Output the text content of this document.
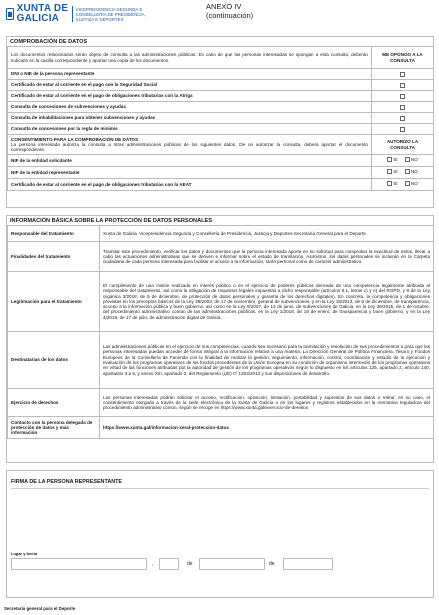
XUNTA DE GALICIA
VICEPRESIDENCIA SEGUNDA E CONSELLERÍA DE PRESIDENCIA, XUSTIZA E DEPORTES
ANEXO IV
(continuación)
COMPROBACIÓN DE DATOS
Los documentos relacionados serán objeto de consulta a las administraciones públicas. En caso de que las personas interesadas se opongan a esta consulta, deberán indicarlo en la casilla correspondiente y aportar una copia de los documentos.	ME OPONGO A LA CONSULTA
DNI o NIE de la persona representante	
Certificado de estar al corriente en el pago con la Seguridad Social	
Certificado de estar al corriente en el pago de obligaciones tributarias con la Atriga	
Consulta de concesiones de subvenciones y ayudas	
Consulta de inhabilitaciones para obtener subvenciones y ayudas	
Consulta de concesiones por la regla de minimis	

CONSENTIMIENTO PARA LA COMPROBACIÓN DE DATOS
La persona interesada autoriza la consulta a otras administraciones públicas de los siguientes datos. De no autorizar la consulta, deberá aportar el documento correspondiente.	AUTORIZO LA CONSULTA
NIF de la entidad solicitante	SÍ
NO

NIF de la entidad representante	SÍ
NO

Certificado de estar al corriente en el pago de obligaciones tributarias con la AEAT	SÍ
NO
INFORMACIÓN BÁSICA SOBRE LA PROTECCIÓN DE DATOS PERSONALES
Responsable del tratamiento	Xunta de Galicia. Vicepresidencia Segunda y Consellería de Presidencia, Justicia y Deportes-Secretaría General para el Deporte.
Finalidades del tratamiento	Tramitar este procedimiento, verificar los datos y documentos que la persona interesada aporte en su solicitud para comprobar la exactitud de estos, llevar a cabo las actuaciones administrativas que se deriven e informar sobre el estado de tramitación. Asimismo, los datos personales se incluirán en la Carpeta ciudadana de cada persona interesada para facilitar el acceso a la información, tanto personal como de carácter administrativo.
Legitimación para el tratamiento	El cumplimiento de una misión realizada en interés público o en el ejercicio de poderes públicos derivada de una competencia legalmente atribuida al responsable del tratamiento, así como la obligación de requisitos legales impuestas a dicho responsable (artículos 6.1, letras c) y e) del RGPD, y 8 de la Ley orgánica 3/2018, de 5 de diciembre, de protección de datos personales y garantía de los derechos digitales). En concreto, la competencia y obligaciones previstas en los preceptos básicos de la Ley 38/2003, de 17 de noviembre, general de subvenciones, y en la Ley 19/2013, de 9 de diciembre, de transparencia, acceso a la información pública y buen gobierno, así como en la Ley 9/2007, de 13 de junio, de subvenciones de Galicia, en la Ley 39/2015, de 1 de octubre, del procedimiento administrativo común de las administraciones públicas, en la Ley 1/2016, de 18 de enero, de transparencia y buen gobierno, y en la Ley 4/2019, de 17 de julio, de administración digital de Galicia.
Destinatarias de los datos	Las administraciones públicas en el ejercicio de sus competencias, cuando sea necesario para la tramitación y resolución de sus procedimientos o para que las personas interesadas puedan acceder de forma integral a la información relativa a una materia. La Dirección General de Política Financiera, Tesoro y Fondos Europeos de la Consellería de Facenda con la finalidad de realizar la gestión, seguimiento, información, control, coordinación y estudio de la ejecución y evaluación de los programas operativos de los fondos procedentes de la Unión Europea en su condición de organismo intermedio de los programas operativos en virtud de las funciones atribuidas por la autoridad de gestión de los programas operativos según lo dispuesto en los artículos 125, apartado 2, artículo 140, apartados 3 a 5, y anexo XIII, apartado 3, del Reglamento (UE) nº 1303/2013 y sus disposiciones de desarrollo.
Ejercicio de derechos	Las personas interesadas podrán solicitar el acceso, rectificación, oposición, limitación, portabilidad y supresión de sus datos o retirar, en su caso, el consentimiento otorgado a través de la sede electrónica de la Xunta de Galicia o en los lugares y registros establecidos en la normativa reguladora del procedimiento administrativo común, según se recoge en https://www.xunta.gal/exercicio-de-dereitos
Contacto con la persona delegada de protección de datos y más información	https://www.xunta.gal/informacion-xeral-proteccion-datos
FIRMA DE LA PERSONA REPRESENTANTE
Lugar y fecha
,	de	de
Secretaría general para el Deporte
